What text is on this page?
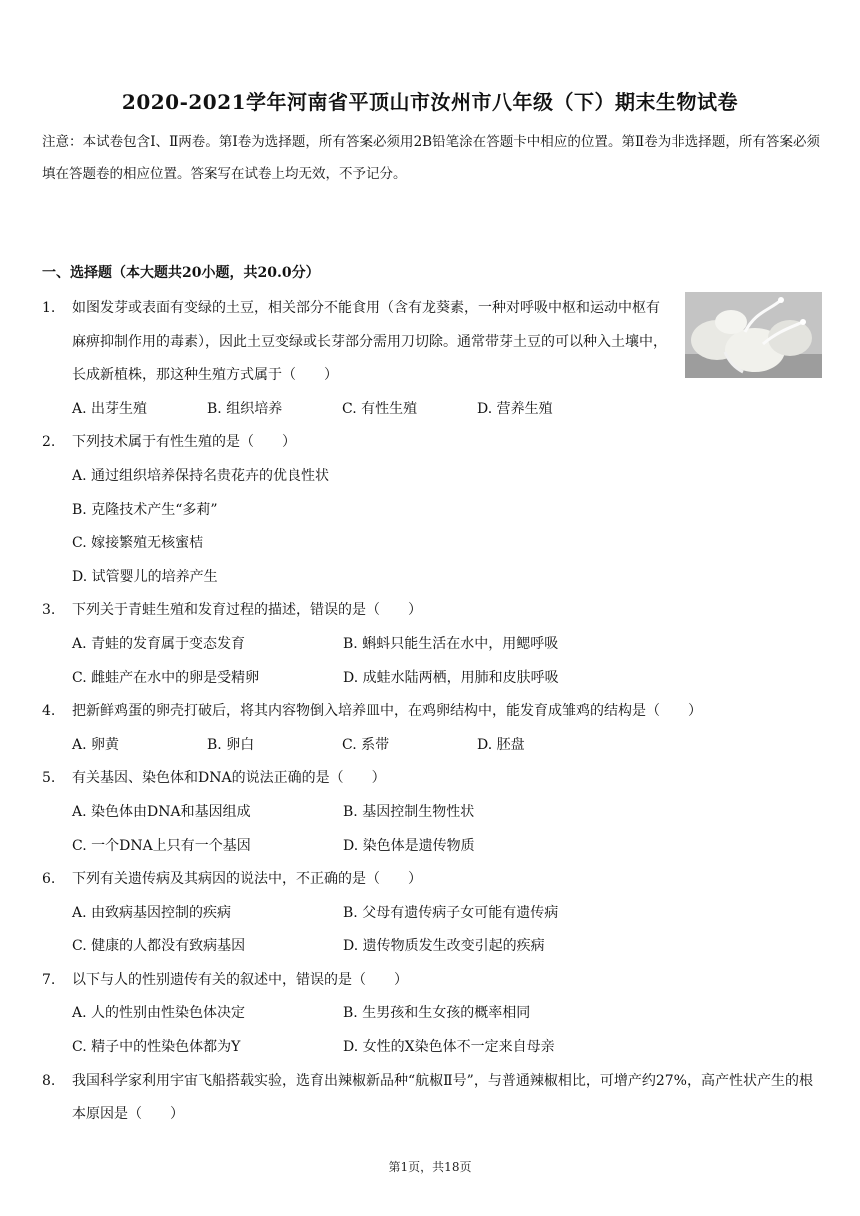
2020-2021学年河南省平顶山市汝州市八年级（下）期末生物试卷
注意：本试卷包含Ⅰ、Ⅱ两卷。第Ⅰ卷为选择题，所有答案必须用2B铅笔涂在答题卡中相应的位置。第Ⅱ卷为非选择题，所有答案必须填在答题卷的相应位置。答案写在试卷上均无效，不予记分。
一、选择题（本大题共20小题，共20.0分）
1.	如图发芽或表面有变绿的土豆，相关部分不能食用（含有龙葵素，一种对呼吸中枢和运动中枢有麻痹抑制作用的毒素），因此土豆变绿或长芽部分需用刀切除。通常带芽土豆的可以种入土壤中，长成新植株，那这种生殖方式属于（　　）
A. 出芽生殖	B. 组织培养	C. 有性生殖	D. 营养生殖
2.	下列技术属于有性生殖的是（　　）
A. 通过组织培养保持名贵花卉的优良性状
B. 克隆技术产生“多莉”
C. 嫁接繁殖无核蜜桔
D. 试管婴儿的培养产生
3.	下列关于青蛙生殖和发育过程的描述，错误的是（　　）
A. 青蛙的发育属于变态发育	B. 蝌蚪只能生活在水中，用鳃呼吸
C. 雌蛙产在水中的卵是受精卵	D. 成蛙水陆两栖，用肺和皮肤呼吸
4.	把新鲜鸡蛋的卵壳打破后，将其内容物倒入培养皿中，在鸡卵结构中，能发育成雏鸡的结构是（　　）
A. 卵黄	B. 卵白	C. 系带	D. 胚盘
5.	有关基因、染色体和DNA的说法正确的是（　　）
A. 染色体由DNA和基因组成	B. 基因控制生物性状
C. 一个DNA上只有一个基因	D. 染色体是遗传物质
6.	下列有关遗传病及其病因的说法中，不正确的是（　　）
A. 由致病基因控制的疾病	B. 父母有遗传病子女可能有遗传病
C. 健康的人都没有致病基因	D. 遗传物质发生改变引起的疾病
7.	以下与人的性别遗传有关的叙述中，错误的是（　　）
A. 人的性别由性染色体决定	B. 生男孩和生女孩的概率相同
C. 精子中的性染色体都为Y	D. 女性的X染色体不一定来自母亲
8.	我国科学家利用宇宙飞船搭载实验，选育出辣椒新品种“航椒Ⅱ号”，与普通辣椒相比，可增产约27%，高产性状产生的根本原因是（　　）
第1页，共18页
